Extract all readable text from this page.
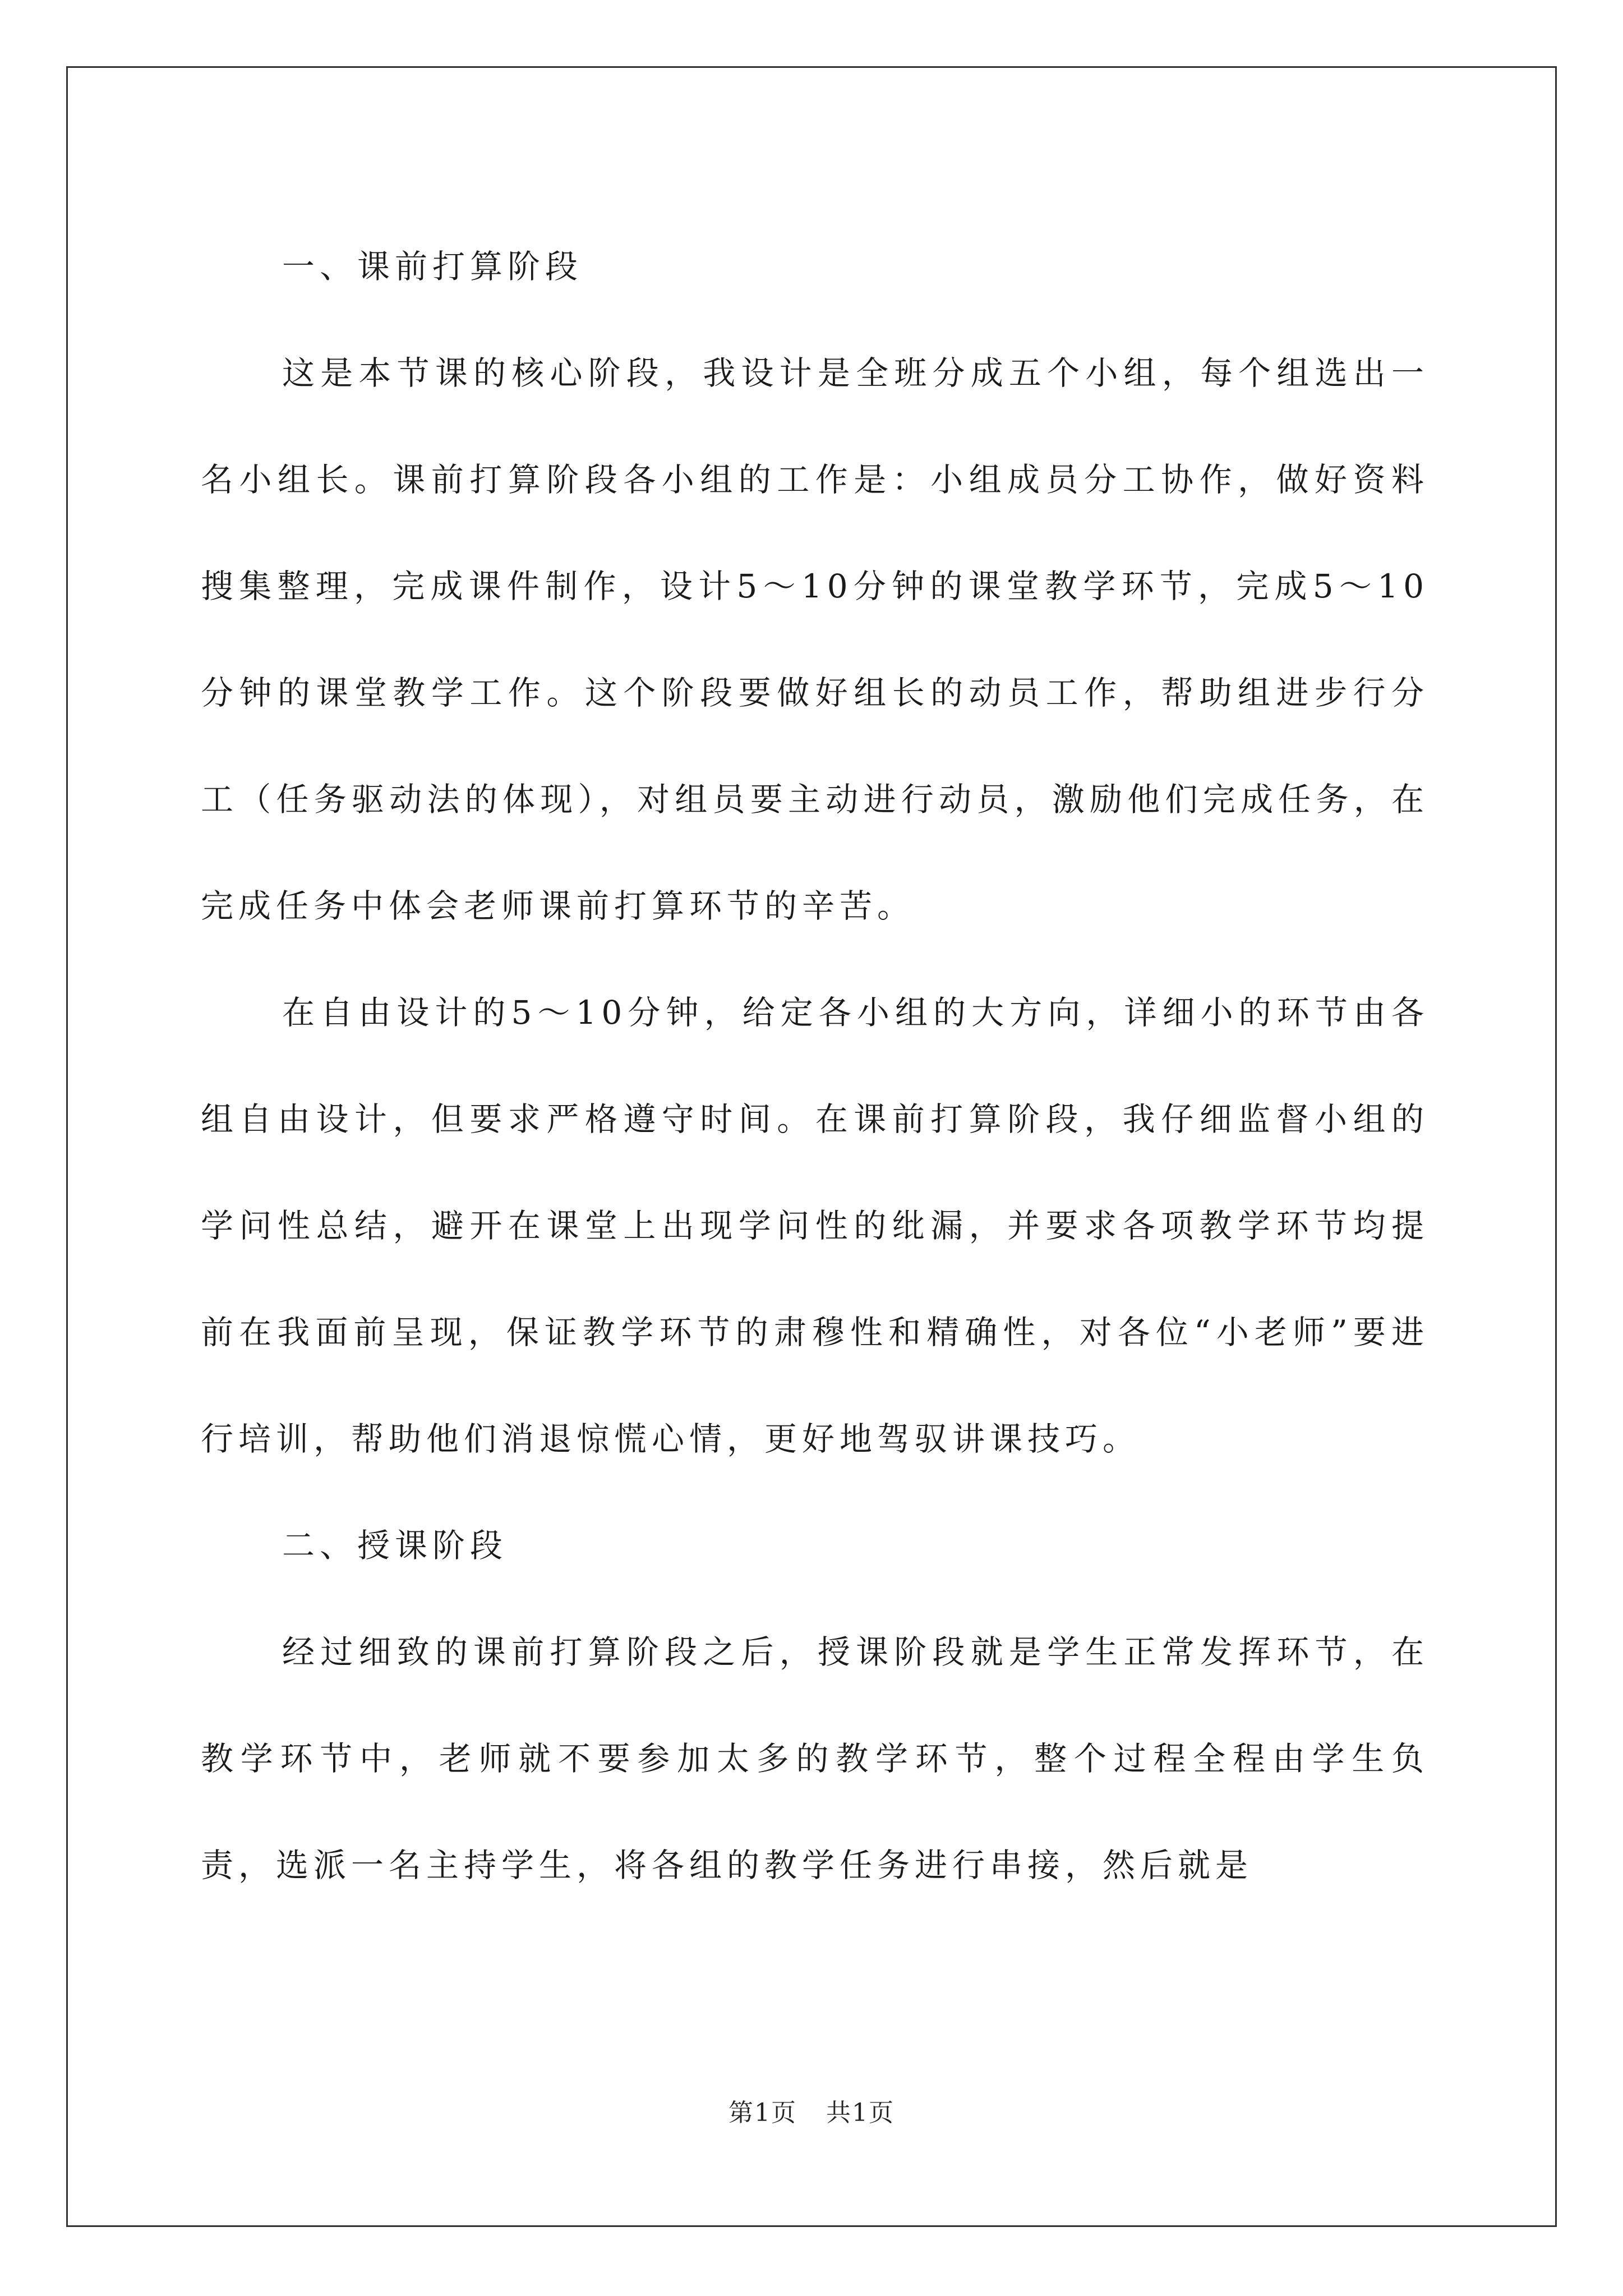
一、课前打算阶段

这是本节课的核心阶段，我设计是全班分成五个小组，每个组选出一名小组长。课前打算阶段各小组的工作是：小组成员分工协作，做好资料搜集整理，完成课件制作，设计5～10分钟的课堂教学环节，完成5～10分钟的课堂教学工作。这个阶段要做好组长的动员工作，帮助组进步行分工（任务驱动法的体现），对组员要主动进行动员，激励他们完成任务，在完成任务中体会老师课前打算环节的辛苦。

在自由设计的5～10分钟，给定各小组的大方向，详细小的环节由各组自由设计，但要求严格遵守时间。在课前打算阶段，我仔细监督小组的学问性总结，避开在课堂上出现学问性的纰漏，并要求各项教学环节均提前在我面前呈现，保证教学环节的肃穆性和精确性，对各位“小老师”要进行培训，帮助他们消退惊慌心情，更好地驾驭讲课技巧。

二、授课阶段

经过细致的课前打算阶段之后，授课阶段就是学生正常发挥环节，在教学环节中，老师就不要参加太多的教学环节，整个过程全程由学生负责，选派一名主持学生，将各组的教学任务进行串接，然后就是

第1页 共1页
